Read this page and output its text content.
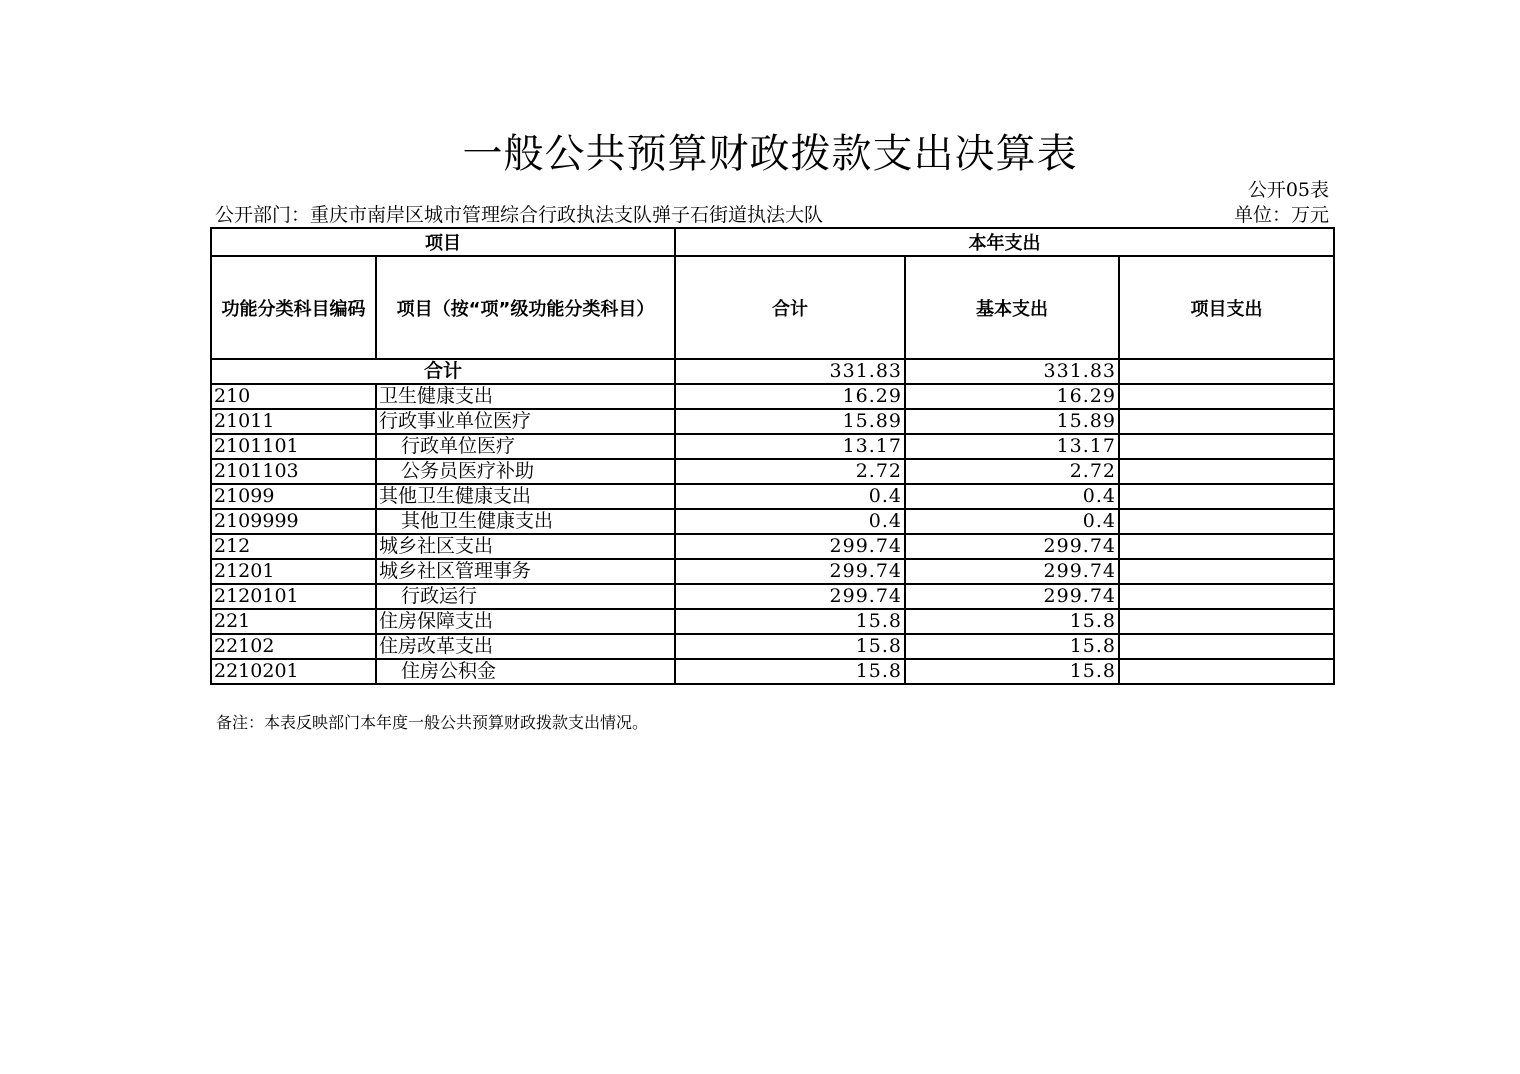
一般公共预算财政拨款支出决算表
公开05表
公开部门：重庆市南岸区城市管理综合行政执法支队弹子石街道执法大队	单位：万元
项目		本年支出		
功能分类科目编码	项目（按“项”级功能分类科目）	合计	基本支出	项目支出
合计		331.83	331.83	
210	卫生健康支出	16.29	16.29	
21011	行政事业单位医疗	15.89	15.89	
2101101	行政单位医疗	13.17	13.17	
2101103	公务员医疗补助	2.72	2.72	
21099	其他卫生健康支出	0.4	0.4	
2109999	其他卫生健康支出	0.4	0.4	
212	城乡社区支出	299.74	299.74	
21201	城乡社区管理事务	299.74	299.74	
2120101	行政运行	299.74	299.74	
221	住房保障支出	15.8	15.8	
22102	住房改革支出	15.8	15.8	
2210201	住房公积金	15.8	15.8	
备注：本表反映部门本年度一般公共预算财政拨款支出情况。
